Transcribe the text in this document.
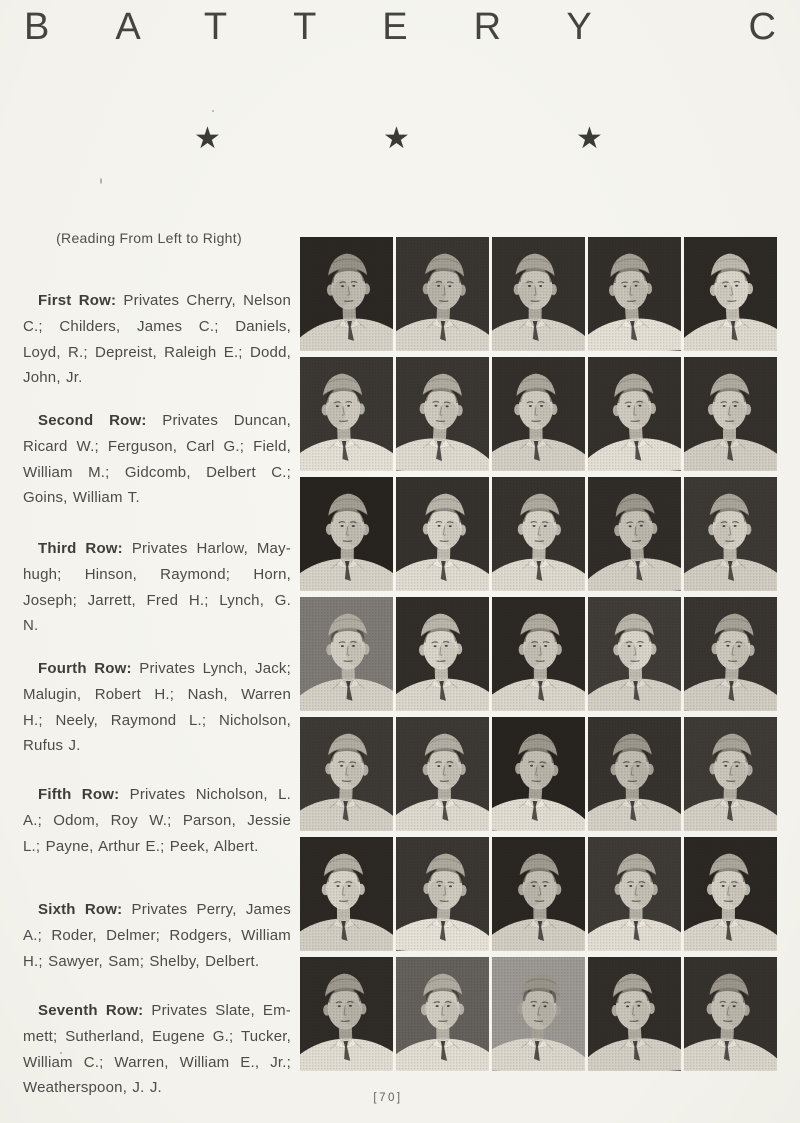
BATTERY C
★	★	★
(Reading From Left to Right)
First Row: Privates Cherry, Nelson
C.; Childers, James C.; Daniels,
Loyd, R.; Depreist, Raleigh E.; Dodd,
John, Jr.
Second Row: Privates Duncan,
Ricard W.; Ferguson, Carl G.; Field,
William M.; Gidcomb, Delbert C.;
Goins, William T.
Third Row: Privates Harlow, May-
hugh; Hinson, Raymond; Horn,
Joseph; Jarrett, Fred H.; Lynch, G.
N.
Fourth Row: Privates Lynch, Jack;
Malugin, Robert H.; Nash, Warren
H.; Neely, Raymond L.; Nicholson,
Rufus J.
Fifth Row: Privates Nicholson, L.
A.; Odom, Roy W.; Parson, Jessie
L.; Payne, Arthur E.; Peek, Albert.
Sixth Row: Privates Perry, James
A.; Roder, Delmer; Rodgers, William
H.; Sawyer, Sam; Shelby, Delbert.
Seventh Row: Privates Slate, Em-
mett; Sutherland, Eugene G.; Tucker,
William C.; Warren, William E., Jr.;
Weatherspoon, J. J.
[70]
